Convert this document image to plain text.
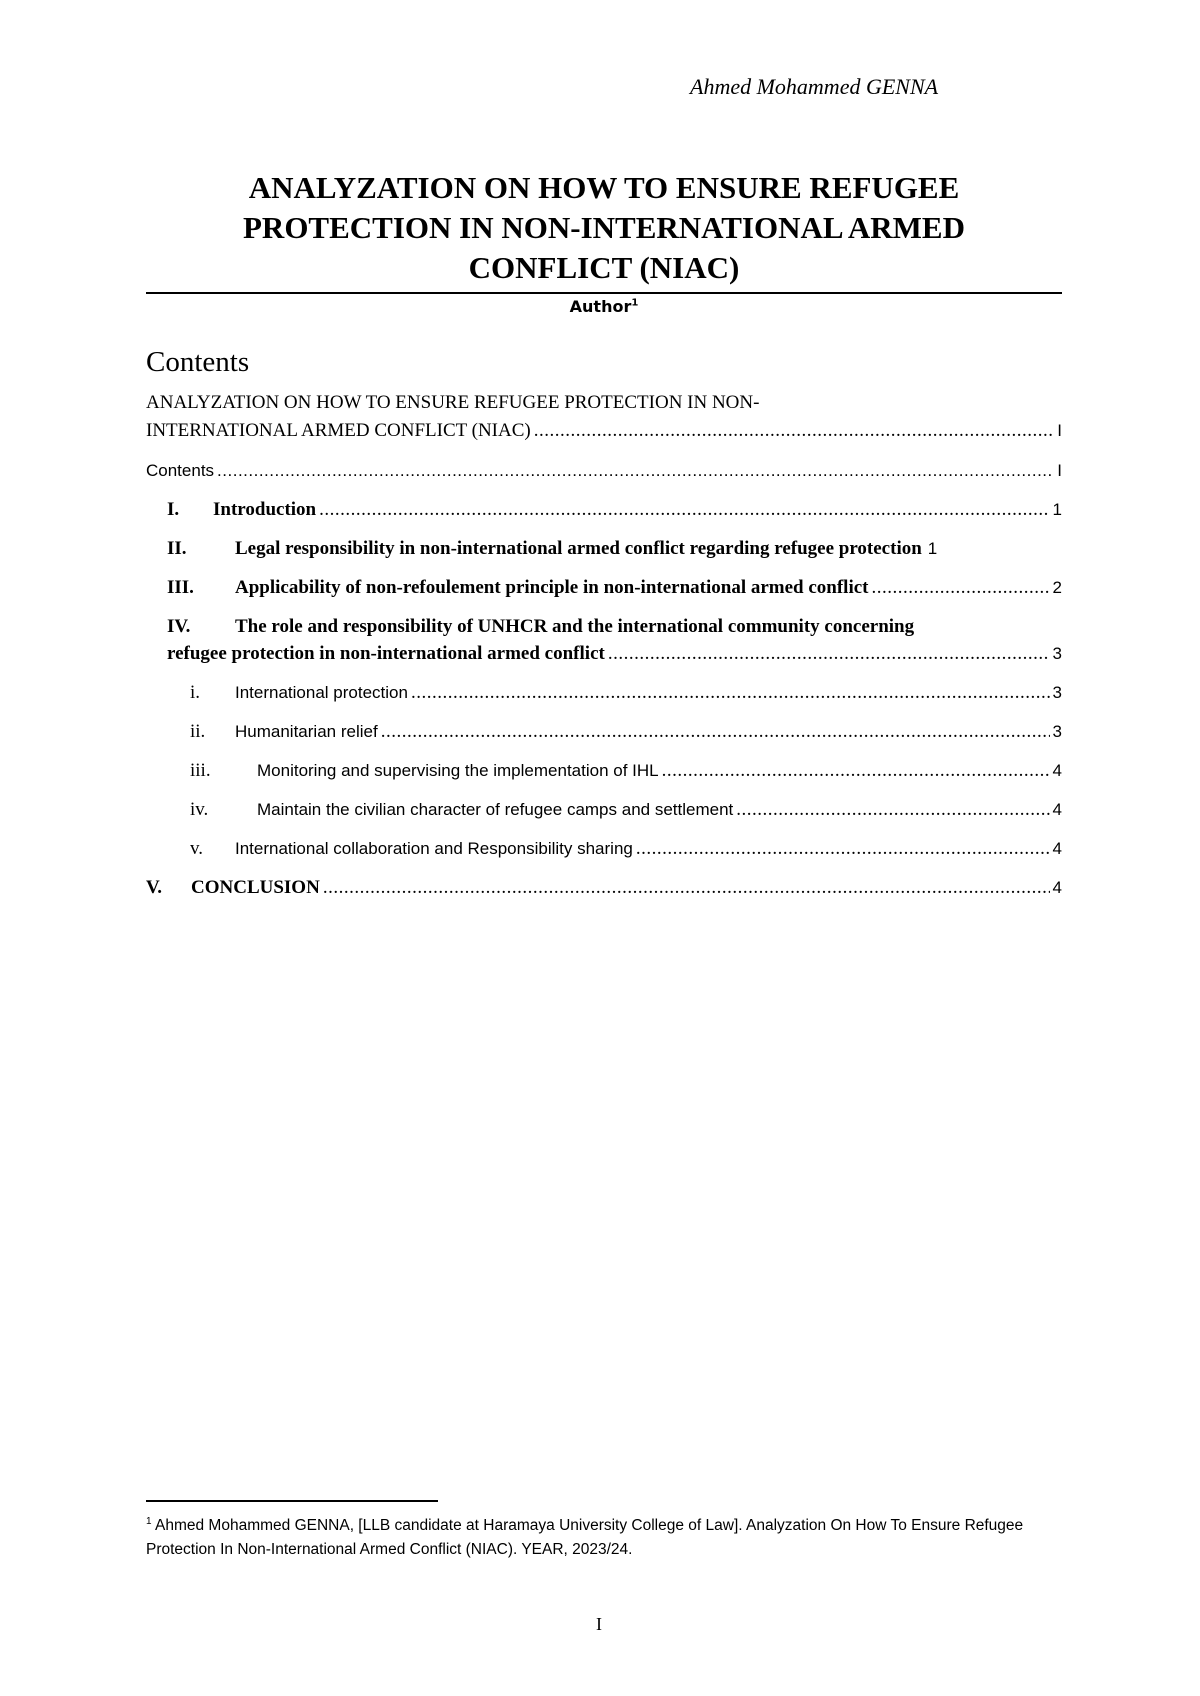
Ahmed Mohammed GENNA
ANALYZATION ON HOW TO ENSURE REFUGEE
PROTECTION IN NON-INTERNATIONAL ARMED
CONFLICT (NIAC)
Author$^1$
Contents
ANALYZATION ON HOW TO ENSURE REFUGEE PROTECTION IN NON-
INTERNATIONAL ARMED CONFLICT (NIAC) .....	I
Contents .....	I
I.	Introduction .....	1
II.	Legal responsibility in non-international armed conflict regarding refugee protection 1
III.	Applicability of non-refoulement principle in non-international armed conflict .....	2
IV. The role and responsibility of UNHCR and the international community concerning
refugee protection in non-international armed conflict .....	3
i.	International protection .....	3
ii.	Humanitarian relief .....	3
iii.	Monitoring and supervising the implementation of IHL .....	4
iv.	Maintain the civilian character of refugee camps and settlement .....	4
v.	International collaboration and Responsibility sharing .....	4
V.	CONCLUSION .....	4
$^1$ Ahmed Mohammed GENNA, [LLB candidate at Haramaya University College of Law]. Analyzation On How To Ensure Refugee Protection In Non-International Armed Conflict (NIAC). YEAR, 2023/24.
I
